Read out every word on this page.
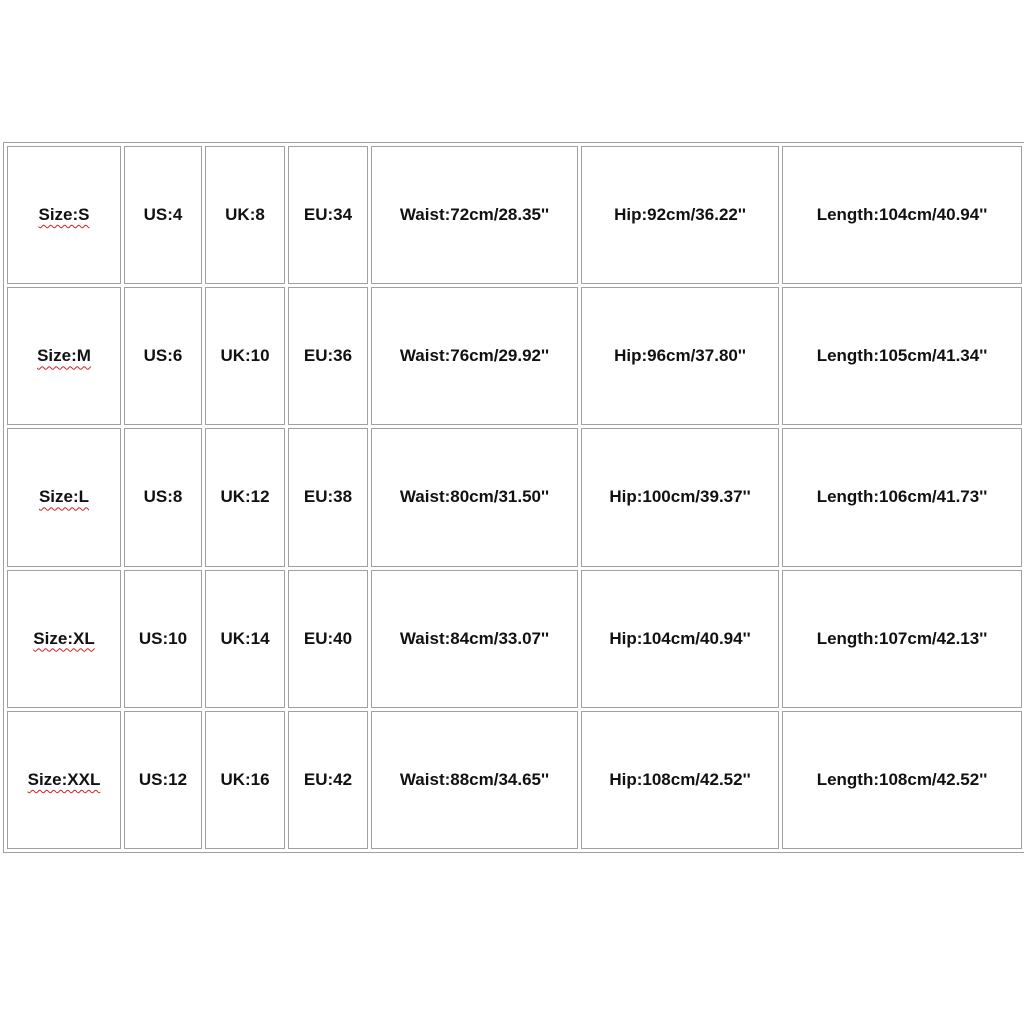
Size:S	US:4	UK:8	EU:34	Waist:72cm/28.35''	Hip:92cm/36.22''	Length:104cm/40.94''
Size:M	US:6	UK:10	EU:36	Waist:76cm/29.92''	Hip:96cm/37.80''	Length:105cm/41.34''
Size:L	US:8	UK:12	EU:38	Waist:80cm/31.50''	Hip:100cm/39.37''	Length:106cm/41.73''
Size:XL	US:10	UK:14	EU:40	Waist:84cm/33.07''	Hip:104cm/40.94''	Length:107cm/42.13''
Size:XXL	US:12	UK:16	EU:42	Waist:88cm/34.65''	Hip:108cm/42.52''	Length:108cm/42.52''
